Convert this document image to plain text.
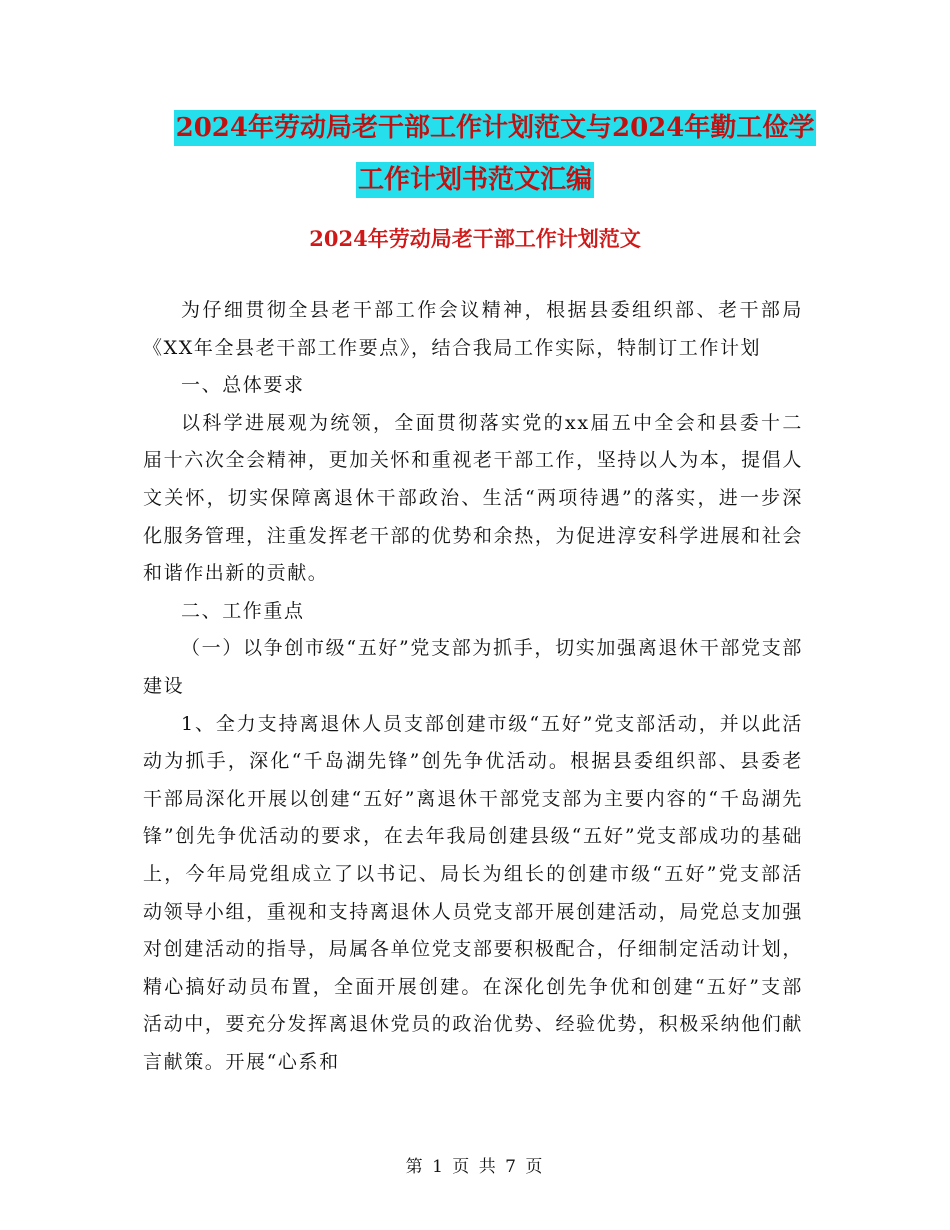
2024年劳动局老干部工作计划范文与2024年勤工俭学
工作计划书范文汇编
2024年劳动局老干部工作计划范文

为仔细贯彻全县老干部工作会议精神，根据县委组织部、老干部局《XX年全县老干部工作要点》，结合我局工作实际，特制订工作计划

一、总体要求

以科学进展观为统领，全面贯彻落实党的xx届五中全会和县委十二届十六次全会精神，更加关怀和重视老干部工作，坚持以人为本，提倡人文关怀，切实保障离退休干部政治、生活“两项待遇”的落实，进一步深化服务管理，注重发挥老干部的优势和余热，为促进淳安科学进展和社会和谐作出新的贡献。

二、工作重点

（一）以争创市级“五好”党支部为抓手，切实加强离退休干部党支部建设

1、全力支持离退休人员支部创建市级“五好”党支部活动，并以此活动为抓手，深化“千岛湖先锋”创先争优活动。根据县委组织部、县委老干部局深化开展以创建“五好”离退休干部党支部为主要内容的“千岛湖先锋”创先争优活动的要求，在去年我局创建县级“五好”党支部成功的基础上，今年局党组成立了以书记、局长为组长的创建市级“五好”党支部活动领导小组，重视和支持离退休人员党支部开展创建活动，局党总支加强对创建活动的指导，局属各单位党支部要积极配合，仔细制定活动计划，精心搞好动员布置，全面开展创建。在深化创先争优和创建“五好”支部活动中，要充分发挥离退休党员的政治优势、经验优势，积极采纳他们献言献策。开展“心系和

第 1 页 共 7 页
